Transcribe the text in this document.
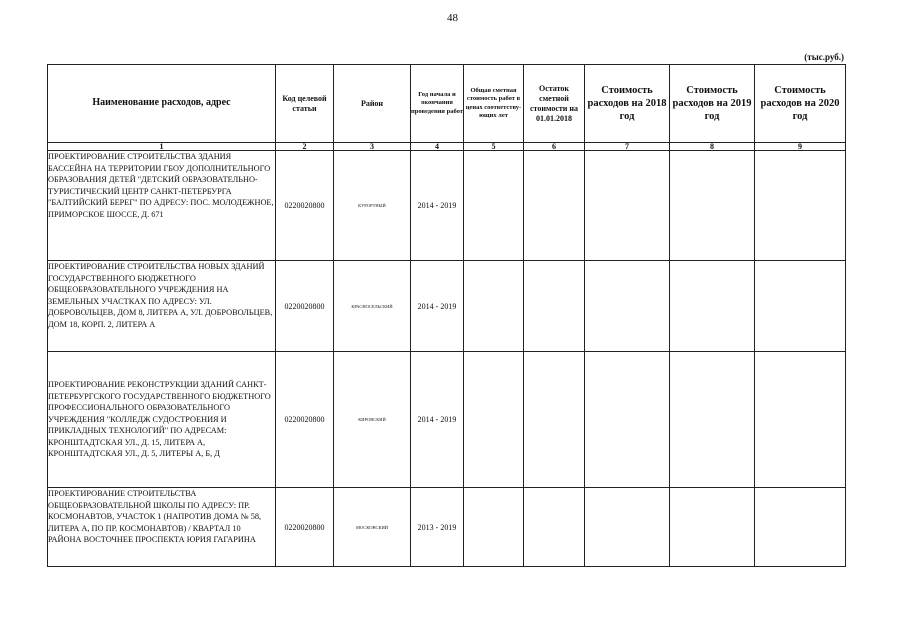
48
(тыс.руб.)
Наименование расходов, адрес	Код целевой статьи	Район	Год начала и окончания проведения работ	Общая сметная стоимость работ в ценах соответству-ющих лет	Остаток сметной стоимости на 01.01.2018	Стоимость расходов на 2018 год	Стоимость расходов на 2019 год	Стоимость расходов на 2020 год
1	2	3	4	5	6	7	8	9
ПРОЕКТИРОВАНИЕ СТРОИТЕЛЬСТВА ЗДАНИЯ БАССЕЙНА НА ТЕРРИТОРИИ ГБОУ ДОПОЛНИТЕЛЬНОГО ОБРАЗОВАНИЯ ДЕТЕЙ "ДЕТСКИЙ ОБРАЗОВАТЕЛЬНО-ТУРИСТИЧЕСКИЙ ЦЕНТР САНКТ-ПЕТЕРБУРГА "БАЛТИЙСКИЙ БЕРЕГ" ПО АДРЕСУ: ПОС. МОЛОДЕЖНОЕ, ПРИМОРСКОЕ ШОССЕ, Д. 671	0220020800	КУРОРТНЫЙ	2014 - 2019					
ПРОЕКТИРОВАНИЕ СТРОИТЕЛЬСТВА НОВЫХ ЗДАНИЙ ГОСУДАРСТВЕННОГО БЮДЖЕТНОГО ОБЩЕОБРАЗОВАТЕЛЬНОГО УЧРЕЖДЕНИЯ НА ЗЕМЕЛЬНЫХ УЧАСТКАХ ПО АДРЕСУ: УЛ. ДОБРОВОЛЬЦЕВ, ДОМ 8, ЛИТЕРА А, УЛ. ДОБРОВОЛЬЦЕВ, ДОМ 18, КОРП. 2, ЛИТЕРА А	0220020800	КРАСНОСЕЛЬСКИЙ	2014 - 2019					
ПРОЕКТИРОВАНИЕ РЕКОНСТРУКЦИИ ЗДАНИЙ САНКТ-ПЕТЕРБУРГСКОГО ГОСУДАРСТВЕННОГО БЮДЖЕТНОГО ПРОФЕССИОНАЛЬНОГО ОБРАЗОВАТЕЛЬНОГО УЧРЕЖДЕНИЯ "КОЛЛЕДЖ СУДОСТРОЕНИЯ И ПРИКЛАДНЫХ ТЕХНОЛОГИЙ" ПО АДРЕСАМ: КРОНШТАДТСКАЯ УЛ., Д. 15, ЛИТЕРА А, КРОНШТАДТСКАЯ УЛ., Д. 5, ЛИТЕРЫ А, Б, Д	0220020800	КИРОВСКИЙ	2014 - 2019					
ПРОЕКТИРОВАНИЕ СТРОИТЕЛЬСТВА ОБЩЕОБРАЗОВАТЕЛЬНОЙ ШКОЛЫ ПО АДРЕСУ: ПР. КОСМОНАВТОВ, УЧАСТОК 1 (НАПРОТИВ ДОМА № 58, ЛИТЕРА А, ПО ПР. КОСМОНАВТОВ) / КВАРТАЛ 10 РАЙОНА ВОСТОЧНЕЕ ПРОСПЕКТА ЮРИЯ ГАГАРИНА	0220020800	МОСКОВСКИЙ	2013 - 2019					
